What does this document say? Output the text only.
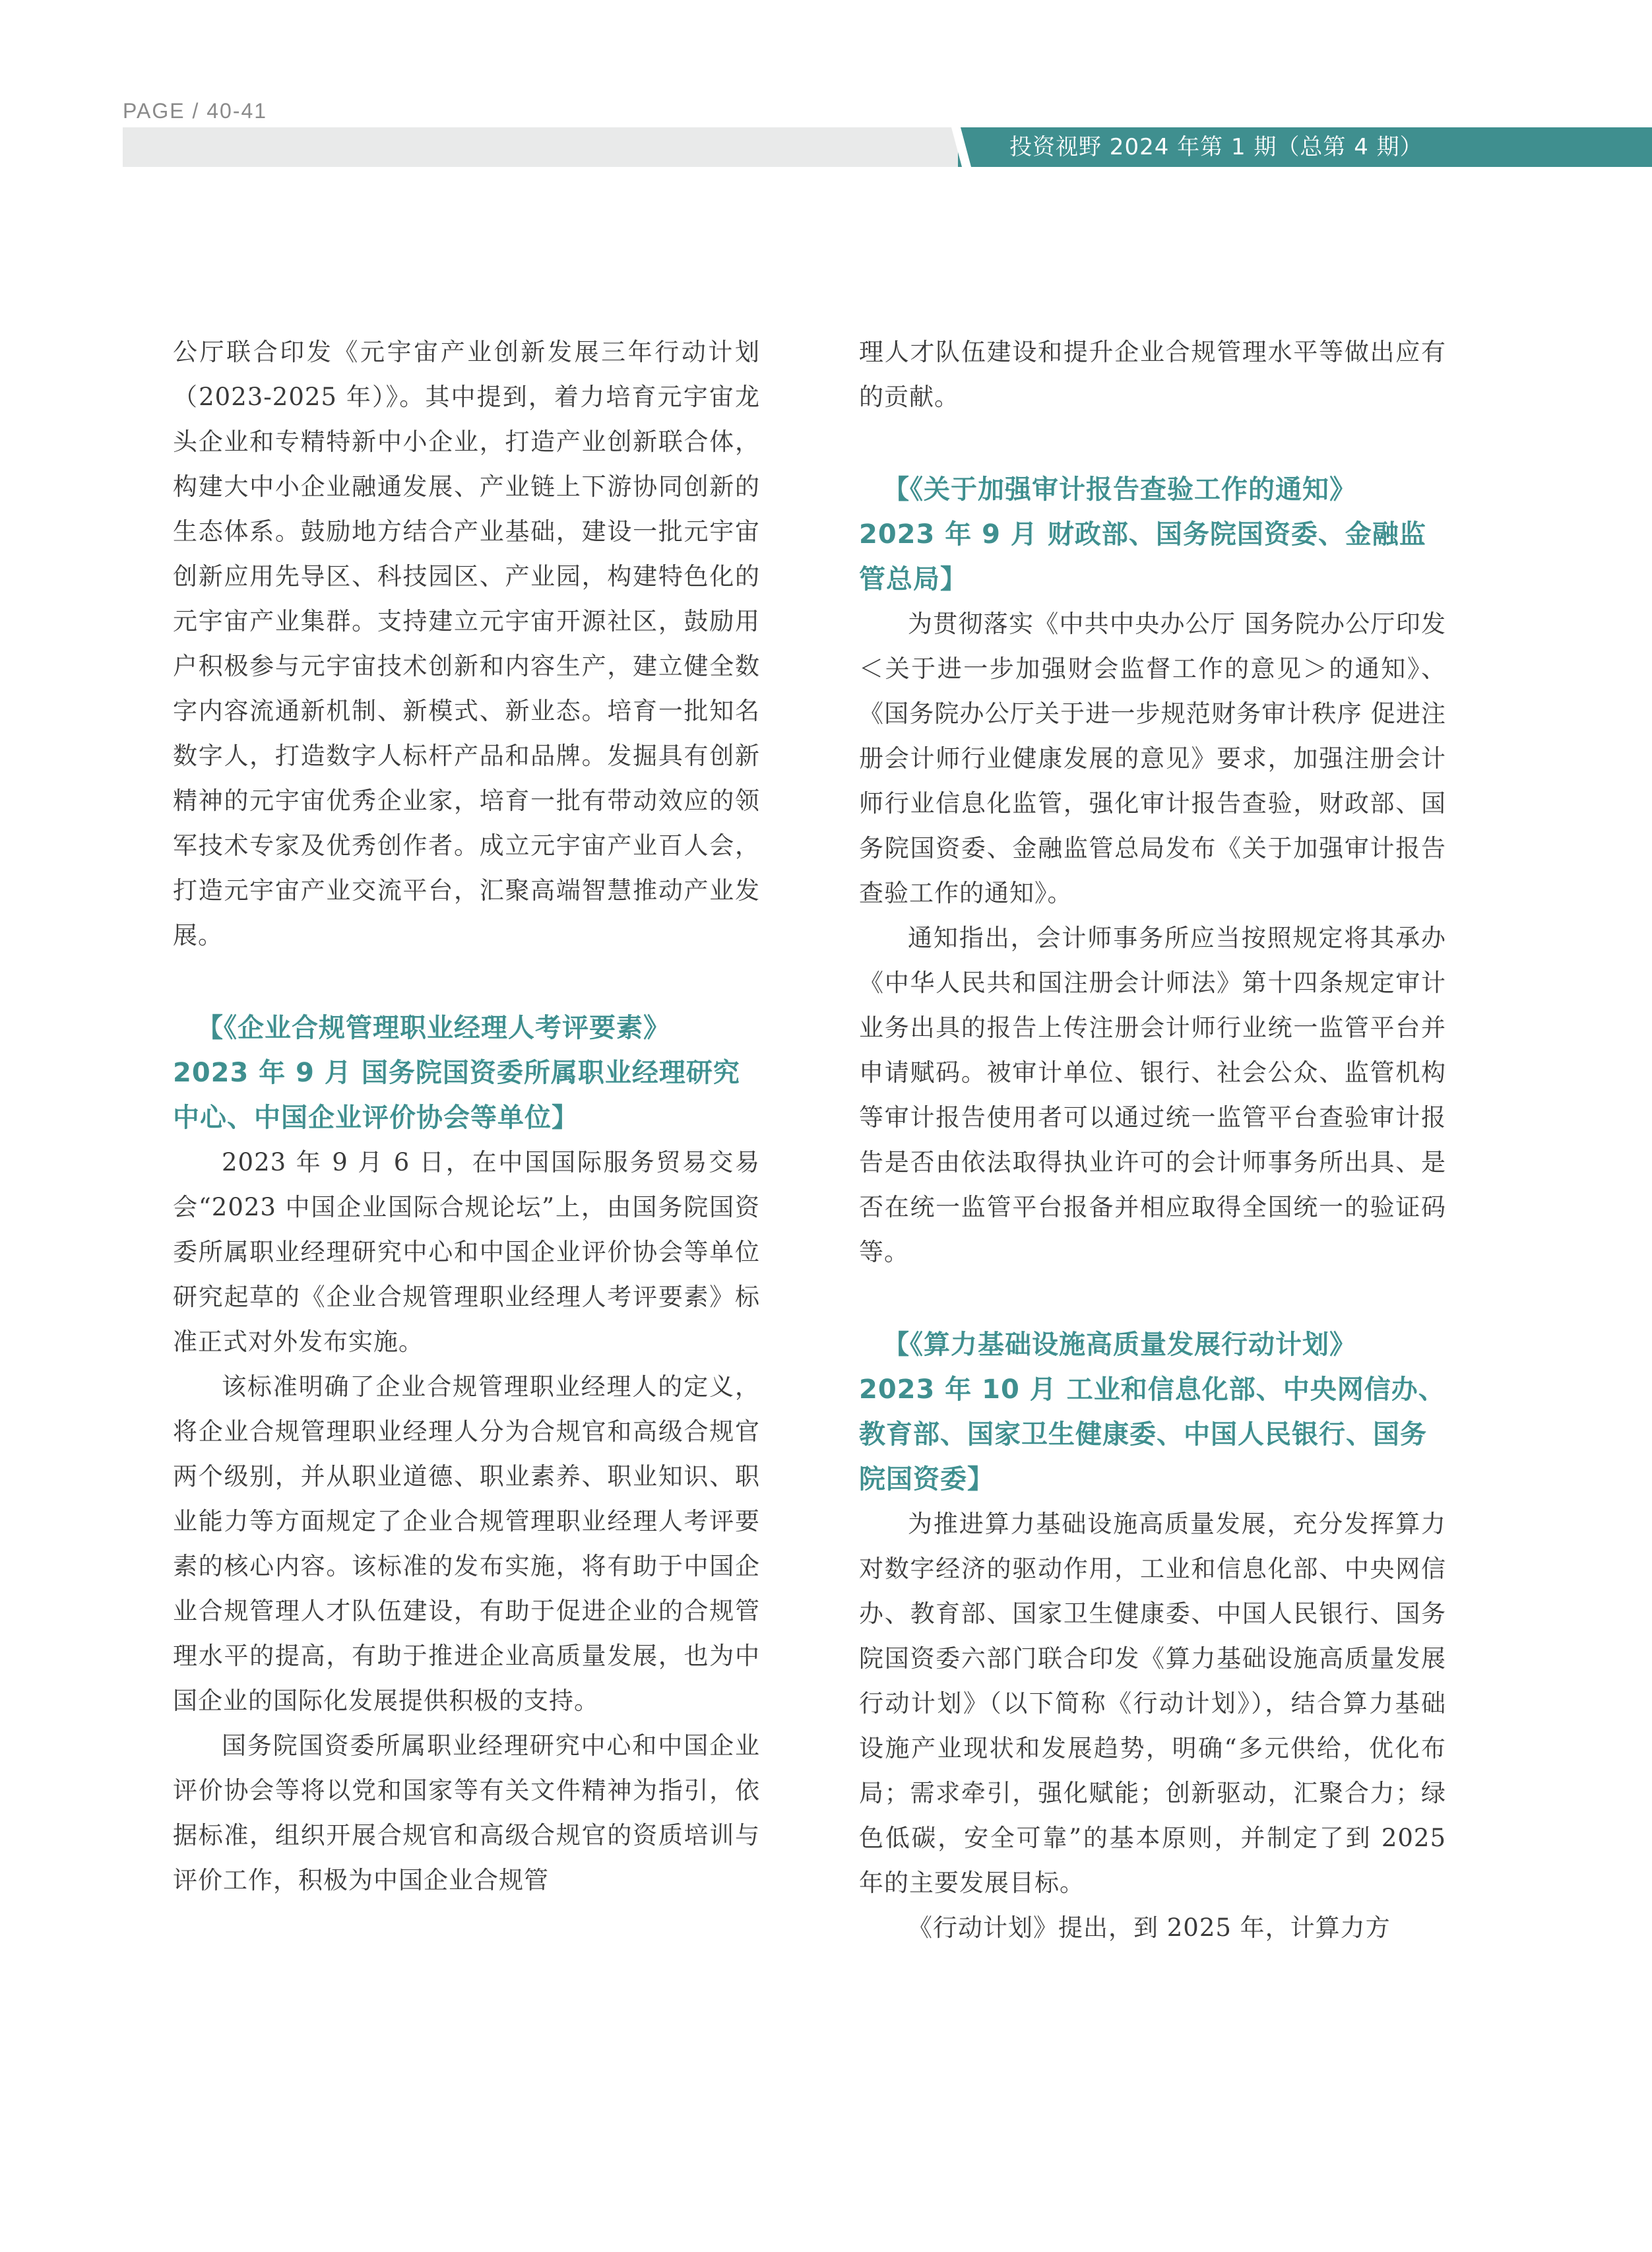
PAGE / 40-41
投资视野 2024 年第 1 期（总第 4 期）

公厅联合印发《元宇宙产业创新发展三年行动计划（2023-2025 年）》。其中提到，着力培育元宇宙龙头企业和专精特新中小企业，打造产业创新联合体，构建大中小企业融通发展、产业链上下游协同创新的生态体系。鼓励地方结合产业基础，建设一批元宇宙创新应用先导区、科技园区、产业园，构建特色化的元宇宙产业集群。支持建立元宇宙开源社区，鼓励用户积极参与元宇宙技术创新和内容生产，建立健全数字内容流通新机制、新模式、新业态。培育一批知名数字人，打造数字人标杆产品和品牌。发掘具有创新精神的元宇宙优秀企业家，培育一批有带动效应的领军技术专家及优秀创作者。成立元宇宙产业百人会，打造元宇宙产业交流平台，汇聚高端智慧推动产业发展。

【《企业合规管理职业经理人考评要素》
2023 年 9 月 国务院国资委所属职业经理研究中心、中国企业评价协会等单位】

2023 年 9 月 6 日，在中国国际服务贸易交易会“2023 中国企业国际合规论坛”上，由国务院国资委所属职业经理研究中心和中国企业评价协会等单位研究起草的《企业合规管理职业经理人考评要素》标准正式对外发布实施。

该标准明确了企业合规管理职业经理人的定义，将企业合规管理职业经理人分为合规官和高级合规官两个级别，并从职业道德、职业素养、职业知识、职业能力等方面规定了企业合规管理职业经理人考评要素的核心内容。该标准的发布实施，将有助于中国企业合规管理人才队伍建设，有助于促进企业的合规管理水平的提高，有助于推进企业高质量发展，也为中国企业的国际化发展提供积极的支持。

国务院国资委所属职业经理研究中心和中国企业评价协会等将以党和国家等有关文件精神为指引，依据标准，组织开展合规官和高级合规官的资质培训与评价工作，积极为中国企业合规管

理人才队伍建设和提升企业合规管理水平等做出应有的贡献。

【《关于加强审计报告查验工作的通知》
2023 年 9 月 财政部、国务院国资委、金融监管总局】

为贯彻落实《中共中央办公厅 国务院办公厅印发＜关于进一步加强财会监督工作的意见＞的通知》、《国务院办公厅关于进一步规范财务审计秩序 促进注册会计师行业健康发展的意见》要求，加强注册会计师行业信息化监管，强化审计报告查验，财政部、国务院国资委、金融监管总局发布《关于加强审计报告查验工作的通知》。

通知指出，会计师事务所应当按照规定将其承办《中华人民共和国注册会计师法》第十四条规定审计业务出具的报告上传注册会计师行业统一监管平台并申请赋码。被审计单位、银行、社会公众、监管机构等审计报告使用者可以通过统一监管平台查验审计报告是否由依法取得执业许可的会计师事务所出具、是否在统一监管平台报备并相应取得全国统一的验证码等。

【《算力基础设施高质量发展行动计划》
2023 年 10 月 工业和信息化部、中央网信办、教育部、国家卫生健康委、中国人民银行、国务院国资委】

为推进算力基础设施高质量发展，充分发挥算力对数字经济的驱动作用，工业和信息化部、中央网信办、教育部、国家卫生健康委、中国人民银行、国务院国资委六部门联合印发《算力基础设施高质量发展行动计划》（以下简称《行动计划》），结合算力基础设施产业现状和发展趋势，明确“多元供给，优化布局；需求牵引，强化赋能；创新驱动，汇聚合力；绿色低碳，安全可靠”的基本原则，并制定了到 2025 年的主要发展目标。

《行动计划》提出，到 2025 年，计算力方
